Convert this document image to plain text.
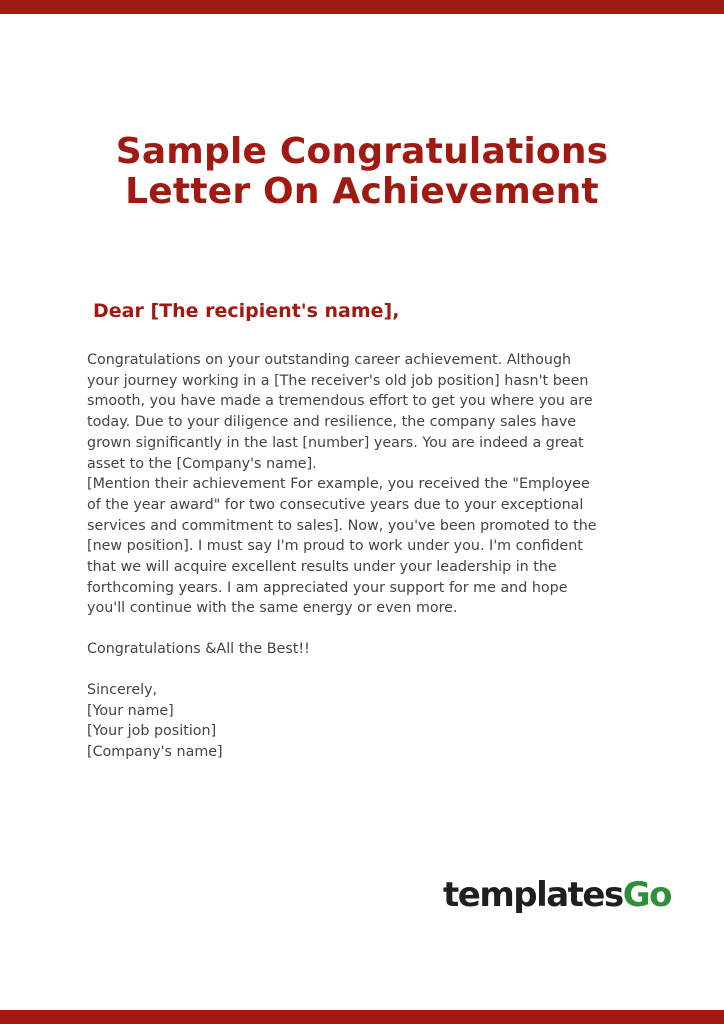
Sample Congratulations
Letter On Achievement

Dear [The recipient's name],

Congratulations on your outstanding career achievement. Although

your journey working in a [The receiver's old job position] hasn't been

smooth, you have made a tremendous effort to get you where you are

today. Due to your diligence and resilience, the company sales have

grown significantly in the last [number] years. You are indeed a great

asset to the [Company's name].

[Mention their achievement For example, you received the "Employee

of the year award" for two consecutive years due to your exceptional

services and commitment to sales]. Now, you've been promoted to the

[new position]. I must say I'm proud to work under you. I'm confident

that we will acquire excellent results under your leadership in the

forthcoming years. I am appreciated your support for me and hope

you'll continue with the same energy or even more.

Congratulations &All the Best!!

Sincerely,
[Your name]
[Your job position]
[Company's name]
templatesGo
